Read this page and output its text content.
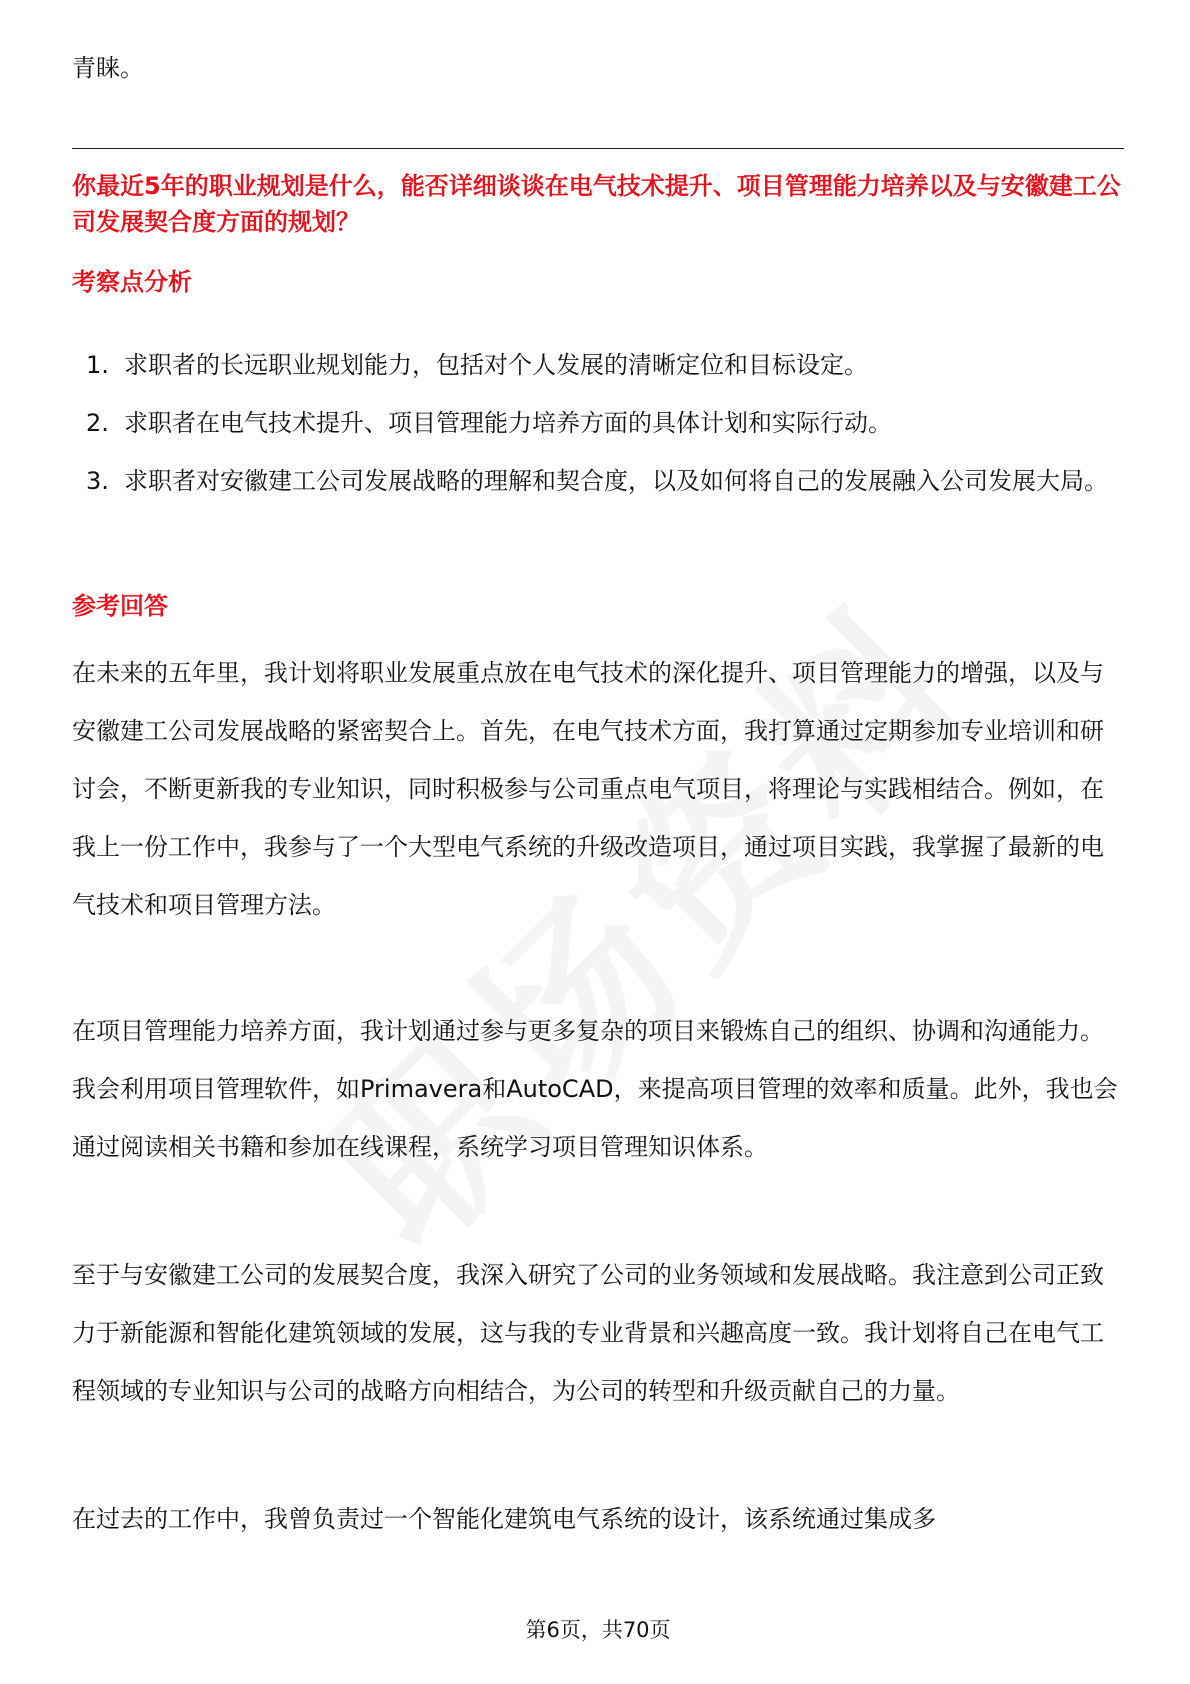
青睐。
你最近5年的职业规划是什么，能否详细谈谈在电气技术提升、项目管理能力培养以及与安徽建工公司发展契合度方面的规划？
考察点分析
1. 求职者的长远职业规划能力，包括对个人发展的清晰定位和目标设定。
2. 求职者在电气技术提升、项目管理能力培养方面的具体计划和实际行动。
3. 求职者对安徽建工公司发展战略的理解和契合度，以及如何将自己的发展融入公司发展大局。
参考回答

在未来的五年里，我计划将职业发展重点放在电气技术的深化提升、项目管理能力的增强，以及与安徽建工公司发展战略的紧密契合上。首先，在电气技术方面，我打算通过定期参加专业培训和研讨会，不断更新我的专业知识，同时积极参与公司重点电气项目，将理论与实践相结合。例如，在我上一份工作中，我参与了一个大型电气系统的升级改造项目，通过项目实践，我掌握了最新的电气技术和项目管理方法。

在项目管理能力培养方面，我计划通过参与更多复杂的项目来锻炼自己的组织、协调和沟通能力。我会利用项目管理软件，如Primavera和AutoCAD，来提高项目管理的效率和质量。此外，我也会通过阅读相关书籍和参加在线课程，系统学习项目管理知识体系。

至于与安徽建工公司的发展契合度，我深入研究了公司的业务领域和发展战略。我注意到公司正致力于新能源和智能化建筑领域的发展，这与我的专业背景和兴趣高度一致。我计划将自己在电气工程领域的专业知识与公司的战略方向相结合，为公司的转型和升级贡献自己的力量。

在过去的工作中，我曾负责过一个智能化建筑电气系统的设计，该系统通过集成多

第6页，共70页
